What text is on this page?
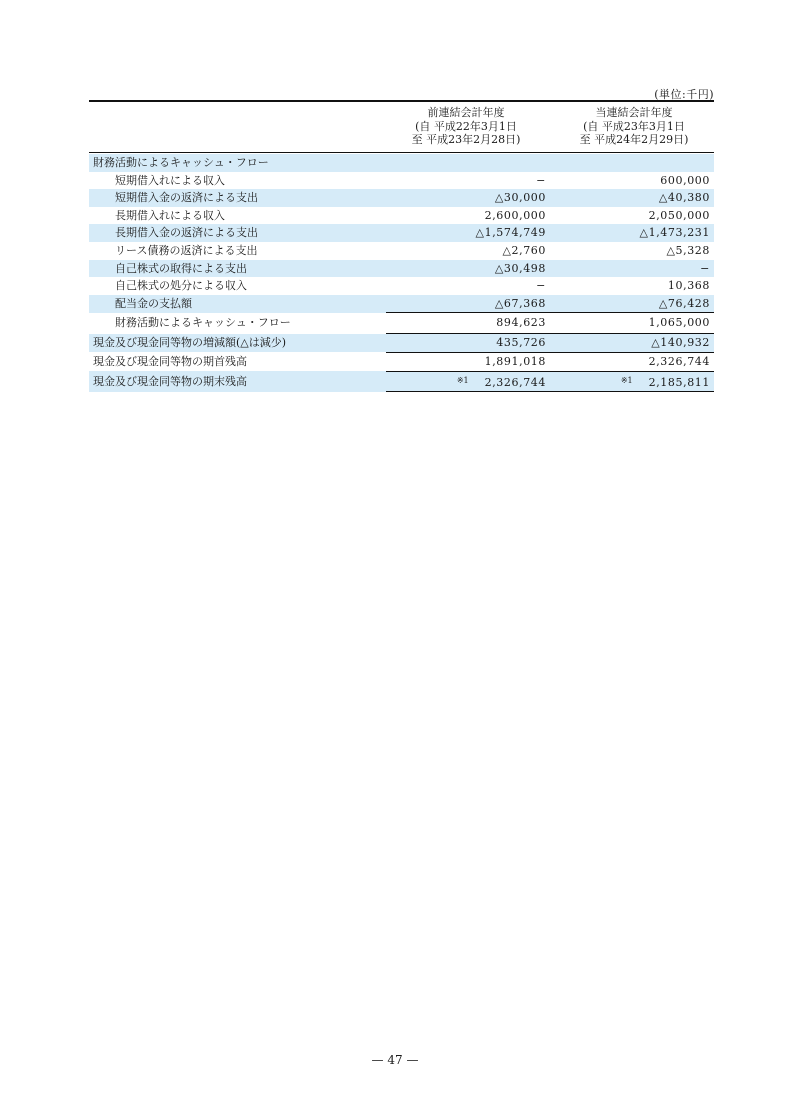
(単位:千円)
前連結会計年度
(自 平成22年3月1日
至 平成23年2月28日)
当連結会計年度
(自 平成23年3月1日
至 平成24年2月29日)
財務活動によるキャッシュ・フロー		
短期借入れによる収入	−	600,000
短期借入金の返済による支出	△30,000	△40,380
長期借入れによる収入	2,600,000	2,050,000
長期借入金の返済による支出	△1,574,749	△1,473,231
リース債務の返済による支出	△2,760	△5,328
自己株式の取得による支出	△30,498	−
自己株式の処分による収入	−	10,368
配当金の支払額	△67,368	△76,428
財務活動によるキャッシュ・フロー	894,623	1,065,000
現金及び現金同等物の増減額(△は減少)	435,726	△140,932
現金及び現金同等物の期首残高	1,891,018	2,326,744
現金及び現金同等物の期末残高	$^{※1}$ 2,326,744	$^{※1}$ 2,185,811
— 47 —
